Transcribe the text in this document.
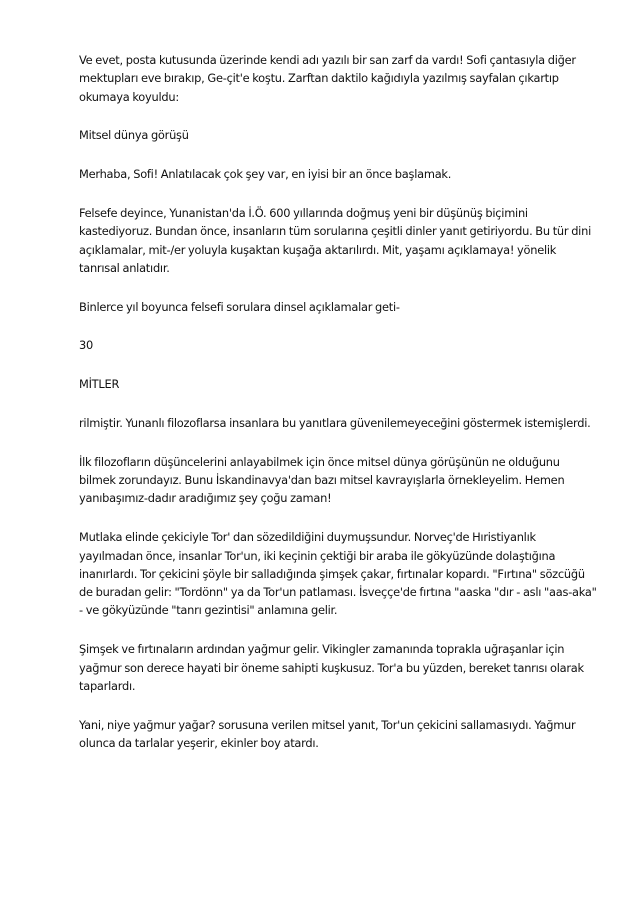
Ve evet, posta kutusunda üzerinde kendi adı yazılı bir san zarf da vardı! Sofi çantasıyla diğer mektupları eve bırakıp, Ge-çit'e koştu. Zarftan daktilo kağıdıyla yazılmış sayfalan çıkartıp okumaya koyuldu:

Mitsel dünya görüşü

Merhaba, Sofi! Anlatılacak çok şey var, en iyisi bir an önce başlamak.

Felsefe deyince, Yunanistan'da İ.Ö. 600 yıllarında doğmuş yeni bir düşünüş biçimini kastediyoruz. Bundan önce, insanların tüm sorularına çeşitli dinler yanıt getiriyordu. Bu tür dini açıklamalar, mit-/er yoluyla kuşaktan kuşağa aktarılırdı. Mit, yaşamı açıklamaya! yönelik tanrısal anlatıdır.

Binlerce yıl boyunca felsefi sorulara dinsel açıklamalar geti-

30

MİTLER

rilmiştir. Yunanlı filozoflarsa insanlara bu yanıtlara güvenilemeyeceğini göstermek istemişlerdi.

İlk filozofların düşüncelerini anlayabilmek için önce mitsel dünya görüşünün ne olduğunu bilmek zorundayız. Bunu İskandinavya'dan bazı mitsel kavrayışlarla örnekleyelim. Hemen yanıbaşımız-dadır aradığımız şey çoğu zaman!

Mutlaka elinde çekiciyle Tor' dan sözedildiğini duymuşsundur. Norveç'de Hıristiyanlık yayılmadan önce, insanlar Tor'un, iki keçinin çektiği bir araba ile gökyüzünde dolaştığına inanırlardı. Tor çekicini şöyle bir salladığında şimşek çakar, fırtınalar kopardı. "Fırtına" sözcüğü de buradan gelir: "Tordönn" ya da Tor'un patlaması. İsveççe'de fırtına "aaska "dır - aslı "aas-aka" - ve gökyüzünde "tanrı gezintisi" anlamına gelir.

Şimşek ve fırtınaların ardından yağmur gelir. Vikingler zamanında toprakla uğraşanlar için yağmur son derece hayati bir öneme sahipti kuşkusuz. Tor'a bu yüzden, bereket tanrısı olarak taparlardı.

Yani, niye yağmur yağar? sorusuna verilen mitsel yanıt, Tor'un çekicini sallamasıydı. Yağmur olunca da tarlalar yeşerir, ekinler boy atardı.
